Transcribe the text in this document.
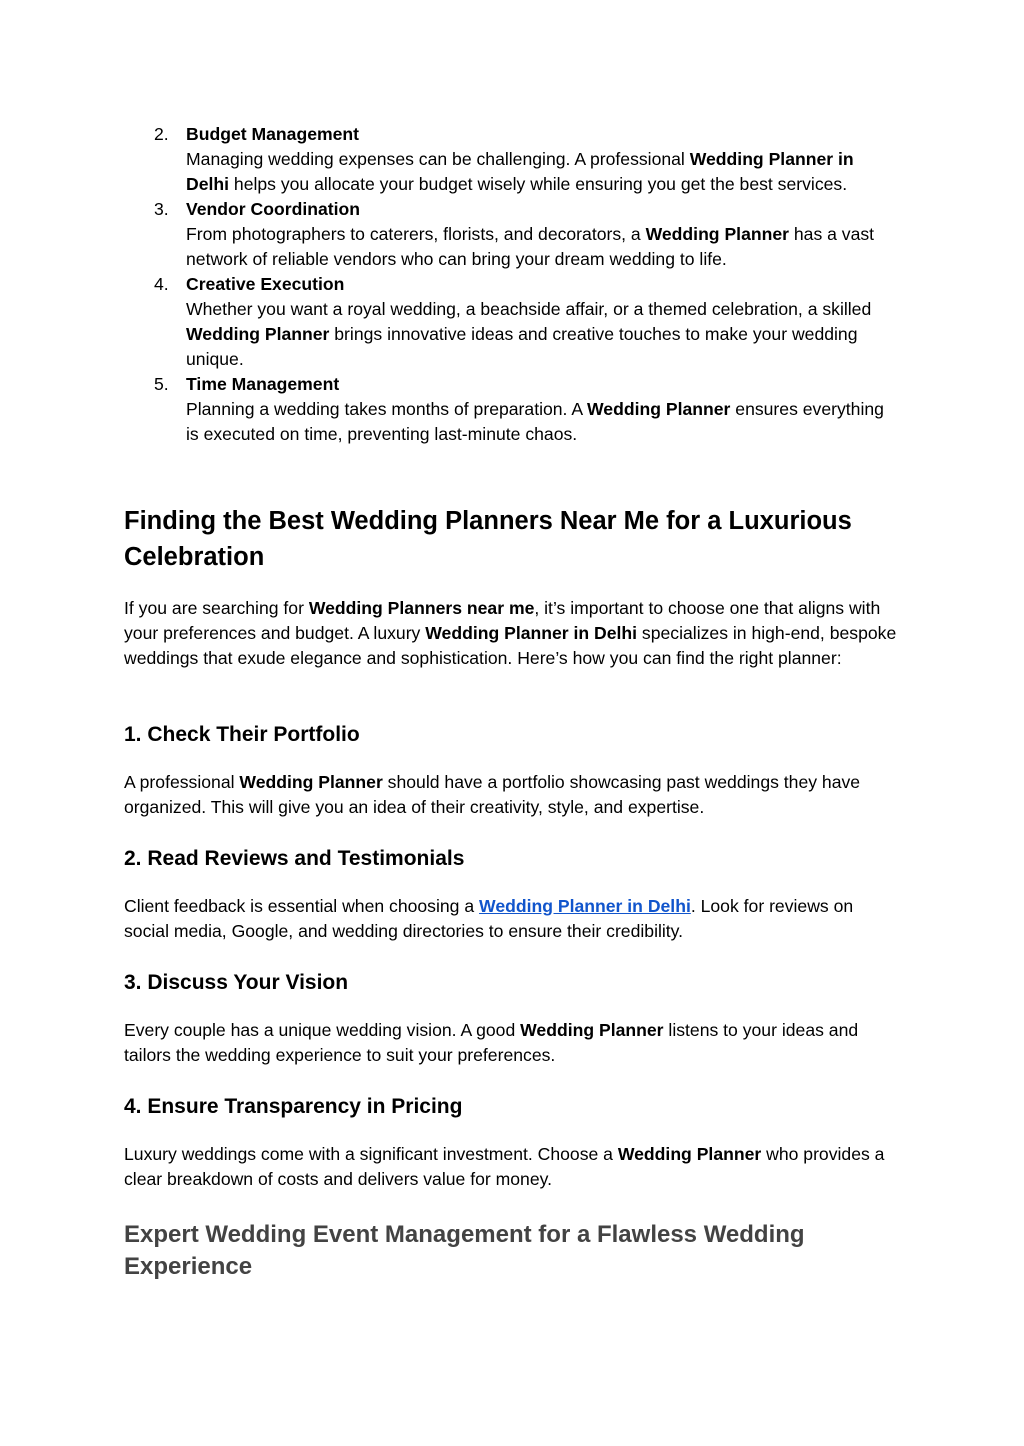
2. Budget Management
Managing wedding expenses can be challenging. A professional Wedding Planner in Delhi helps you allocate your budget wisely while ensuring you get the best services.
3. Vendor Coordination
From photographers to caterers, florists, and decorators, a Wedding Planner has a vast network of reliable vendors who can bring your dream wedding to life.
4. Creative Execution
Whether you want a royal wedding, a beachside affair, or a themed celebration, a skilled Wedding Planner brings innovative ideas and creative touches to make your wedding unique.
5. Time Management
Planning a wedding takes months of preparation. A Wedding Planner ensures everything is executed on time, preventing last-minute chaos.
Finding the Best Wedding Planners Near Me for a Luxurious Celebration

If you are searching for Wedding Planners near me, it’s important to choose one that aligns with your preferences and budget. A luxury Wedding Planner in Delhi specializes in high-end, bespoke weddings that exude elegance and sophistication. Here’s how you can find the right planner:

1. Check Their Portfolio

A professional Wedding Planner should have a portfolio showcasing past weddings they have organized. This will give you an idea of their creativity, style, and expertise.

2. Read Reviews and Testimonials

Client feedback is essential when choosing a Wedding Planner in Delhi. Look for reviews on social media, Google, and wedding directories to ensure their credibility.

3. Discuss Your Vision

Every couple has a unique wedding vision. A good Wedding Planner listens to your ideas and tailors the wedding experience to suit your preferences.

4. Ensure Transparency in Pricing

Luxury weddings come with a significant investment. Choose a Wedding Planner who provides a clear breakdown of costs and delivers value for money.

Expert Wedding Event Management for a Flawless Wedding Experience
